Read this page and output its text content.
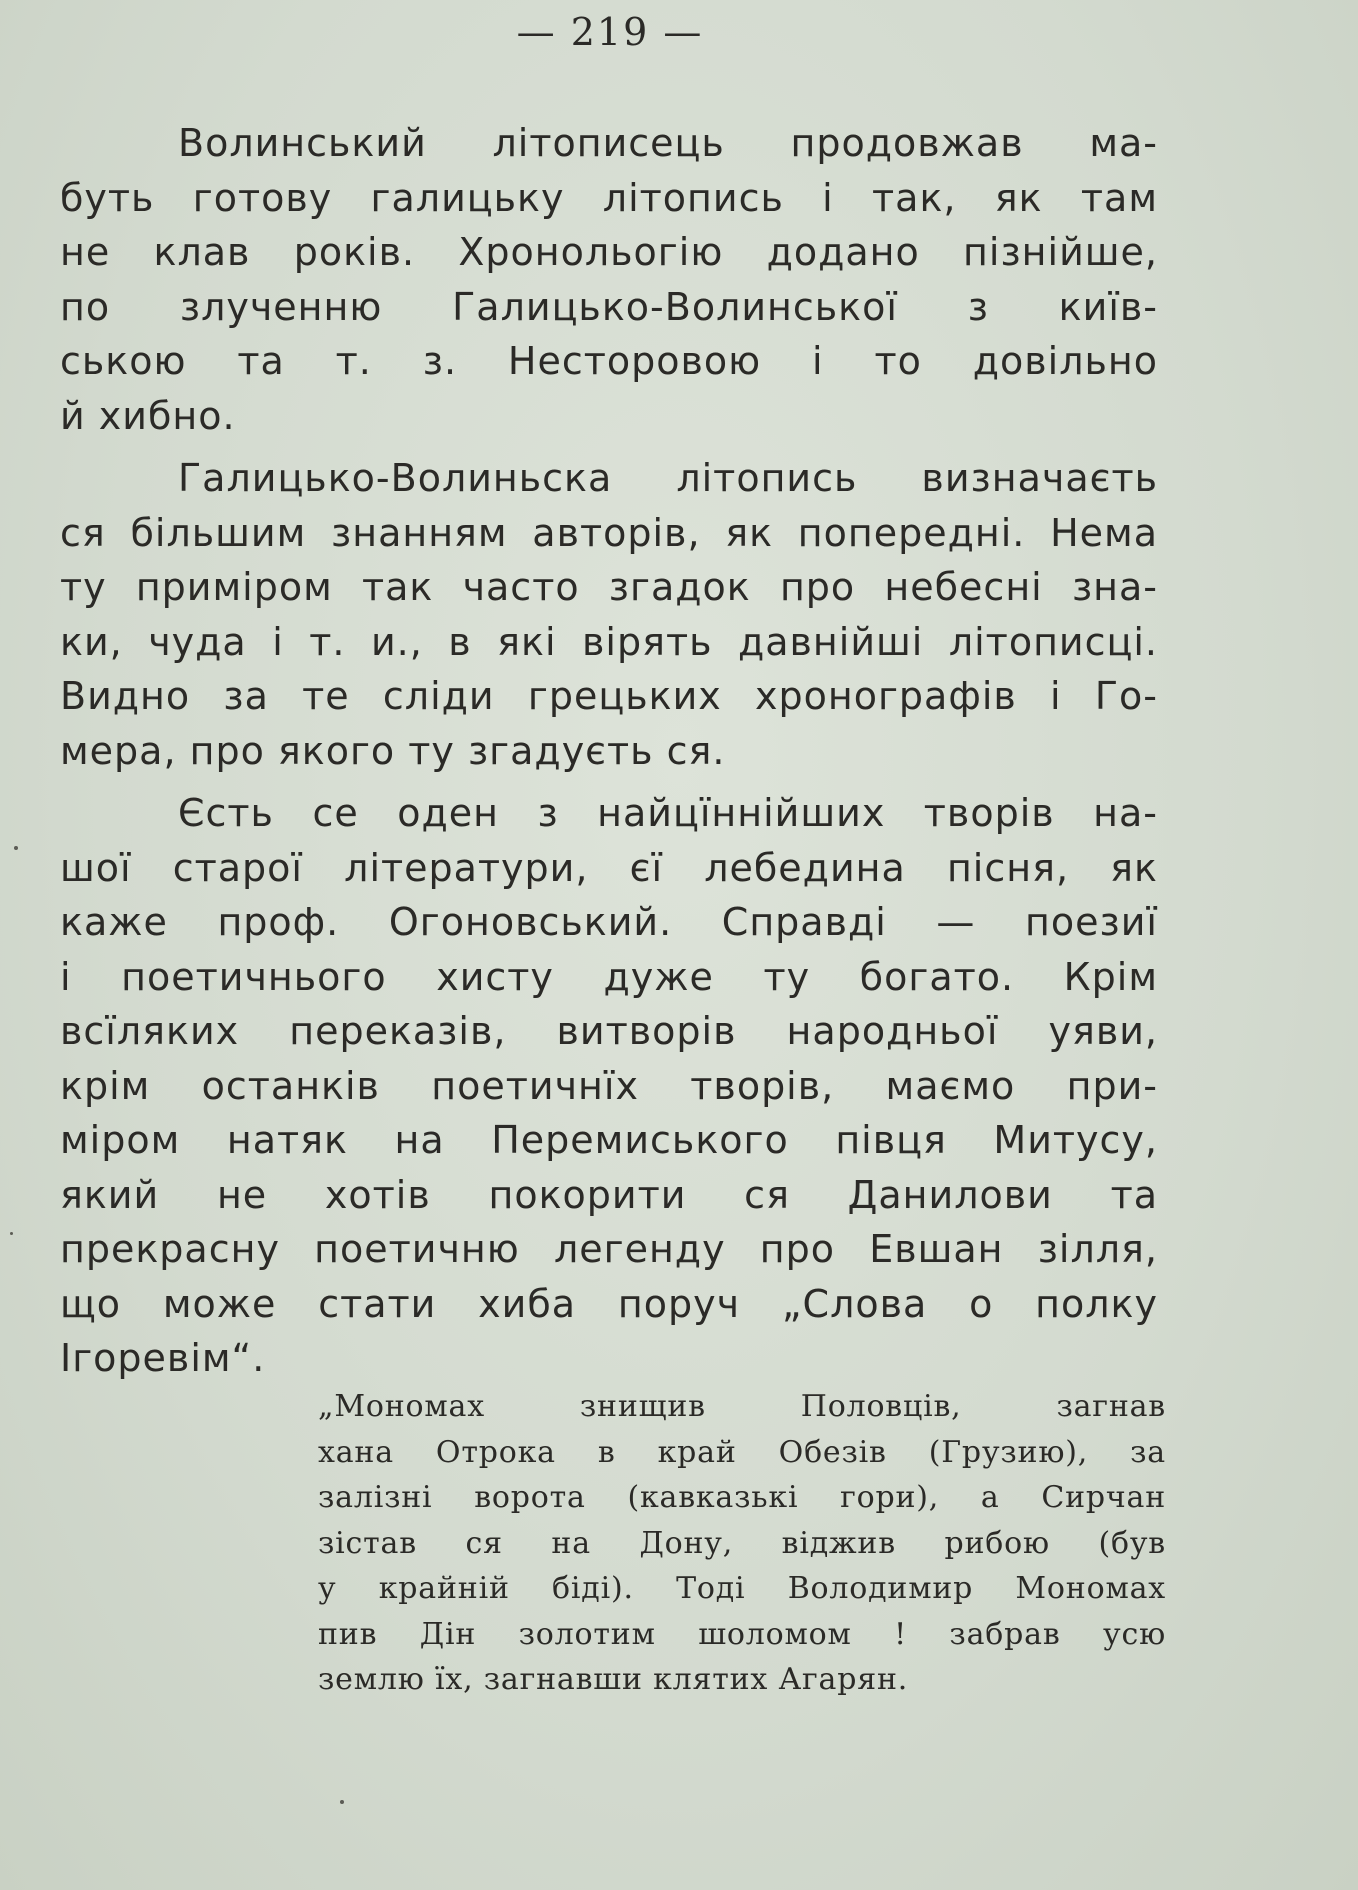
— 219 —

Волинський літописець продовжав ма-
буть готову галицьку літопись і так, як там
не клав років. Хронольогію додано пізнійше,
по злученню Галицько-Волинської з київ-
ською та т. з. Несторовою і то довільно
й хибно.

Галицько-Волиньска літопись визначаєть
ся більшим знанням авторів, як попередні. Нема
ту приміром так часто згадок про небесні зна-
ки, чуда і т. и., в які вірять давнійші літописці.
Видно за те сліди грецьких хронографів і Го-
мера, про якого ту згадуєть ся.

Єсть се оден з найцїннійших творів на-
шої старої літератури, єї лебедина пісня, як
каже проф. Огоновський. Справді — поезиї
і поетичнього хисту дуже ту богато. Крім
всїляких переказів, витворів народньої уяви,
крім останків поетичнїх творів, маємо при-
міром натяк на Перемиського півця Митуcу,
який не хотів покорити ся Данилови та
прекрасну поетичню легенду про Евшан зілля,
що може стати хиба поруч „Слова о полку
Ігоревім“.

„Мономах знищив Половців, загнав
хана Отрока в край Обезів (Грузию), за
залізні ворота (кавказькі гори), а Сирчан
зістав ся на Дону, віджив рибою (був
у крайній біді). Тоді Володимир Мономах
пив Дін золотим шоломом ! забрав усю
землю їх, загнавши клятих Агарян.
